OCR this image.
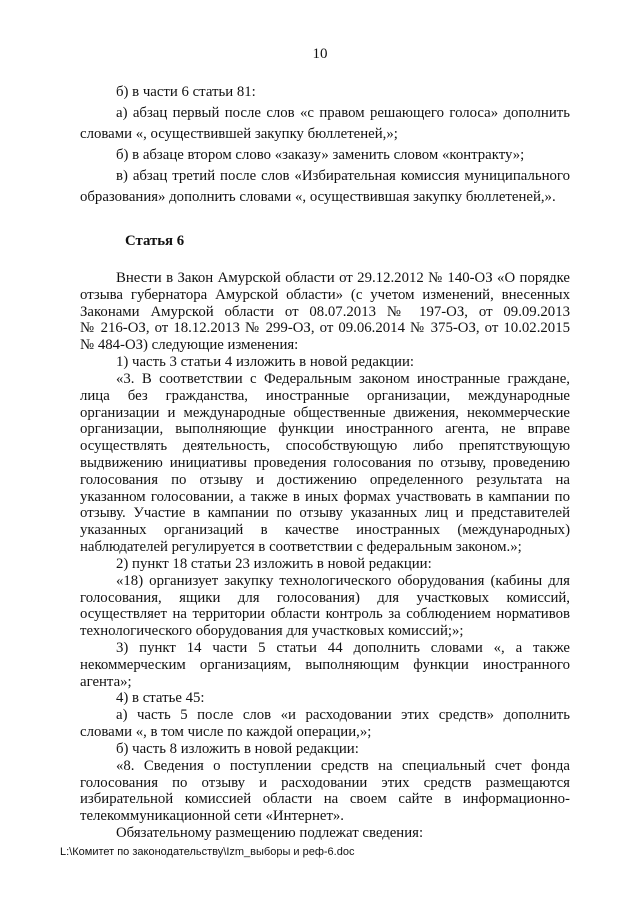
10
б) в части 6 статьи 81:
а) абзац первый после слов «с правом решающего голоса» дополнить
словами «, осуществившей закупку бюллетеней,»;
б) в абзаце втором слово «заказу» заменить словом «контракту»;
в) абзац третий после слов «Избирательная комиссия муниципального
образования» дополнить словами «, осуществившая закупку бюллетеней,».
Статья 6
Внести в Закон Амурской области от 29.12.2012 № 140-ОЗ «О порядке
отзыва губернатора Амурской области» (с учетом изменений, внесенных
Законами Амурской области от 08.07.2013 № 197-ОЗ, от 09.09.2013
№ 216-ОЗ, от 18.12.2013 № 299-ОЗ, от 09.06.2014 № 375-ОЗ, от 10.02.2015
№ 484-ОЗ) следующие изменения:
1) часть 3 статьи 4 изложить в новой редакции:
«3. В соответствии с Федеральным законом иностранные граждане,
лица без гражданства, иностранные организации, международные
организации и международные общественные движения, некоммерческие
организации, выполняющие функции иностранного агента, не вправе
осуществлять деятельность, способствующую либо препятствующую
выдвижению инициативы проведения голосования по отзыву, проведению
голосования по отзыву и достижению определенного результата на
указанном голосовании, а также в иных формах участвовать в кампании по
отзыву. Участие в кампании по отзыву указанных лиц и представителей
указанных организаций в качестве иностранных (международных)
наблюдателей регулируется в соответствии с федеральным законом.»;
2) пункт 18 статьи 23 изложить в новой редакции:
«18) организует закупку технологического оборудования (кабины для
голосования, ящики для голосования) для участковых комиссий,
осуществляет на территории области контроль за соблюдением нормативов
технологического оборудования для участковых комиссий;»;
3) пункт 14 части 5 статьи 44 дополнить словами «, а также
некоммерческим организациям, выполняющим функции иностранного
агента»;
4) в статье 45:
а) часть 5 после слов «и расходовании этих средств» дополнить
словами «, в том числе по каждой операции,»;
б) часть 8 изложить в новой редакции:
«8. Сведения о поступлении средств на специальный счет фонда
голосования по отзыву и расходовании этих средств размещаются
избирательной комиссией области на своем сайте в информационно-
телекоммуникационной сети «Интернет».
Обязательному размещению подлежат сведения:
L:\Комитет по законодательству\Izm_выборы и реф-6.doc
